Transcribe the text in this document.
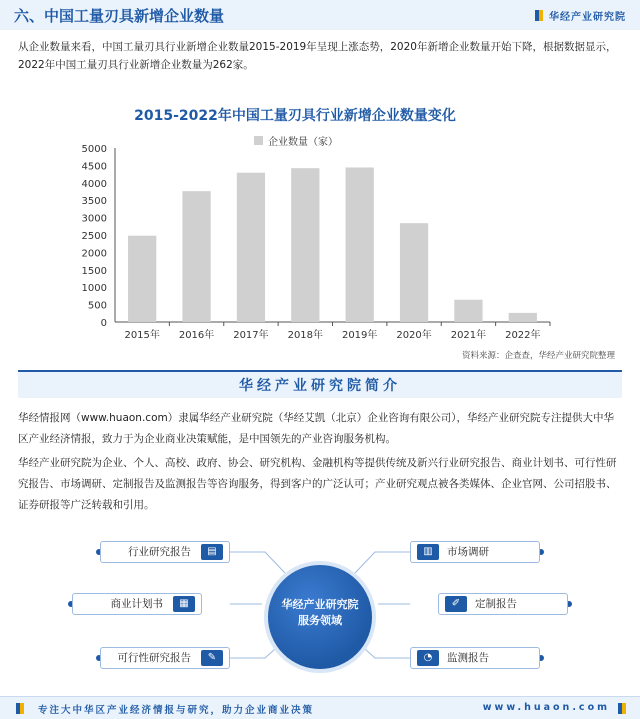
六、中国工量刃具新增企业数量	华经产业研究院
从企业数量来看，中国工量刃具行业新增企业数量2015-2019年呈现上涨态势，2020年新增企业数量开始下降，根据数据显示，2022年中国工量刃具行业新增企业数量为262家。
2015-2022年中国工量刃具行业新增企业数量变化
企业数量（家）
0
500
1000
1500
2000
2500
3000
3500
4000
4500
5000
2015年 2016年 2017年 2018年 2019年 2020年 2021年 2022年
资料来源：企查查，华经产业研究院整理
华经产业研究院简介
华经情报网（www.huaon.com）隶属华经产业研究院（华经艾凯（北京）企业咨询有限公司），华经产业研究院专注提供大中华区产业经济情报，致力于为企业商业决策赋能，是中国领先的产业咨询服务机构。
华经产业研究院为企业、个人、高校、政府、协会、研究机构、金融机构等提供传统及新兴行业研究报告、商业计划书、可行性研究报告、市场调研、定制报告及监测报告等咨询服务，得到客户的广泛认可；产业研究观点被各类媒体、企业官网、公司招股书、证券研报等广泛转载和引用。
行业研究报告	▤
商业计划书	▦
可行性研究报告	✎
▥	市场调研
✐	定制报告
◔	监测报告
华经产业研究院
服务领域
专注大中华区产业经济情报与研究，助力企业商业决策	www.huaon.com
